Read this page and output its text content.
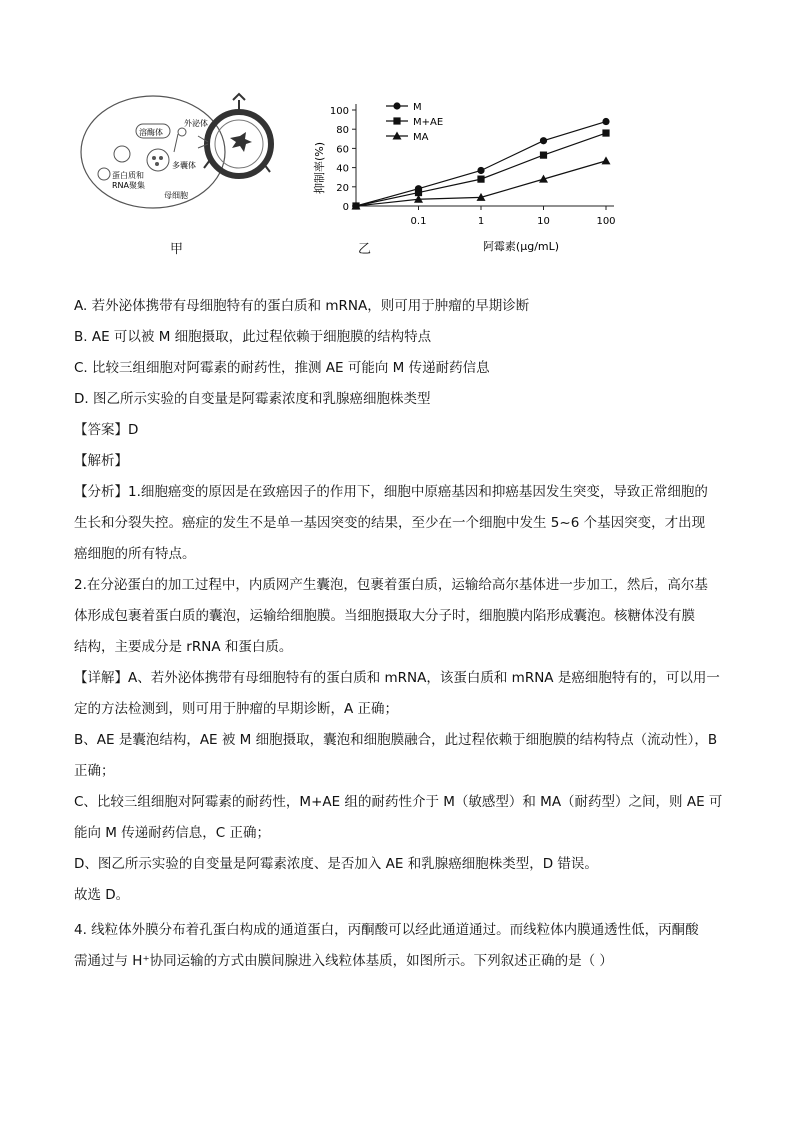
溶酶体
外泌体
多囊体
蛋白质和
RNA聚集
母细胞
甲	乙
抑制率(%)
阿霉素(μg/mL)
0
20
40
60
80
100
0.1	1	10	100
M
M+AE
MA
A. 若外泌体携带有母细胞特有的蛋白质和 mRNA，则可用于肿瘤的早期诊断
B. AE 可以被 M 细胞摄取，此过程依赖于细胞膜的结构特点
C. 比较三组细胞对阿霉素的耐药性，推测 AE 可能向 M 传递耐药信息
D. 图乙所示实验的自变量是阿霉素浓度和乳腺癌细胞株类型
【答案】D
【解析】
【分析】1.细胞癌变的原因是在致癌因子的作用下，细胞中原癌基因和抑癌基因发生突变，导致正常细胞的
生长和分裂失控。癌症的发生不是单一基因突变的结果，至少在一个细胞中发生 5~6 个基因突变，才出现
癌细胞的所有特点。
2.在分泌蛋白的加工过程中，内质网产生囊泡，包裹着蛋白质，运输给高尔基体进一步加工，然后，高尔基
体形成包裹着蛋白质的囊泡，运输给细胞膜。当细胞摄取大分子时，细胞膜内陷形成囊泡。核糖体没有膜
结构，主要成分是 rRNA 和蛋白质。
【详解】A、若外泌体携带有母细胞特有的蛋白质和 mRNA，该蛋白质和 mRNA 是癌细胞特有的，可以用一
定的方法检测到，则可用于肿瘤的早期诊断，A 正确；
B、AE 是囊泡结构，AE 被 M 细胞摄取，囊泡和细胞膜融合，此过程依赖于细胞膜的结构特点（流动性），B
正确；
C、比较三组细胞对阿霉素的耐药性，M+AE 组的耐药性介于 M（敏感型）和 MA（耐药型）之间，则 AE 可
能向 M 传递耐药信息，C 正确；
D、图乙所示实验的自变量是阿霉素浓度、是否加入 AE 和乳腺癌细胞株类型，D 错误。
故选 D。
4. 线粒体外膜分布着孔蛋白构成的通道蛋白，丙酮酸可以经此通道通过。而线粒体内膜通透性低，丙酮酸
需通过与 H⁺协同运输的方式由膜间腺进入线粒体基质，如图所示。下列叙述正确的是（ ）
